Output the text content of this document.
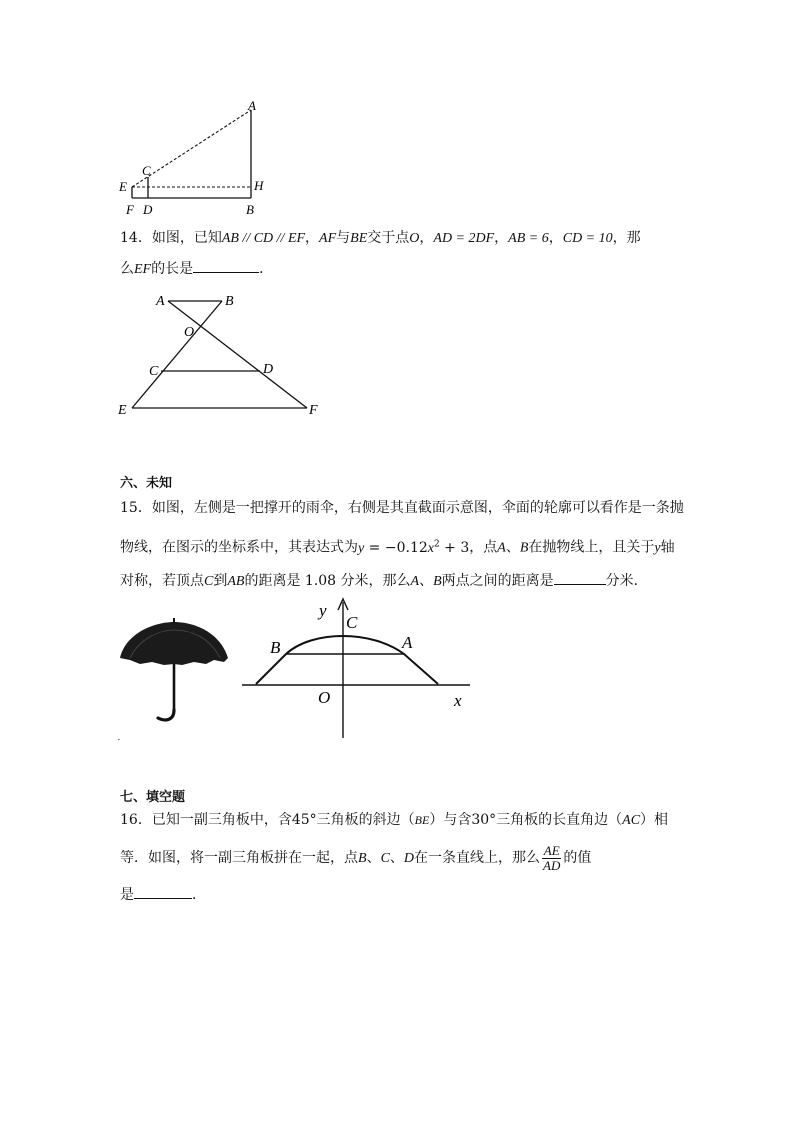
A
C
E	H
F D	B
14．如图，已知AB // CD // EF，AF与BE交于点O，AD = 2DF，AB = 6，CD = 10，那
么EF的长是	．
A	B
O
C	D
E	F
六、未知
15．如图，左侧是一把撑开的雨伞，右侧是其直截面示意图，伞面的轮廓可以看作是一条抛
物线，在图示的坐标系中，其表达式为$y = -0.12x^2 + 3$，点A、B在抛物线上，且关于y轴
对称，若顶点C到AB的距离是 1.08 分米，那么A、B两点之间的距离是	分米．
.
y
C
B	A
O	x
七、填空题
16．已知一副三角板中，含45°三角板的斜边（BE）与含30°三角板的长直角边（AC）相
等．如图，将一副三角板拼在一起，点B、C、D在一条直线上，那么 $\frac{AE}{AD}$ 的值
是	．
